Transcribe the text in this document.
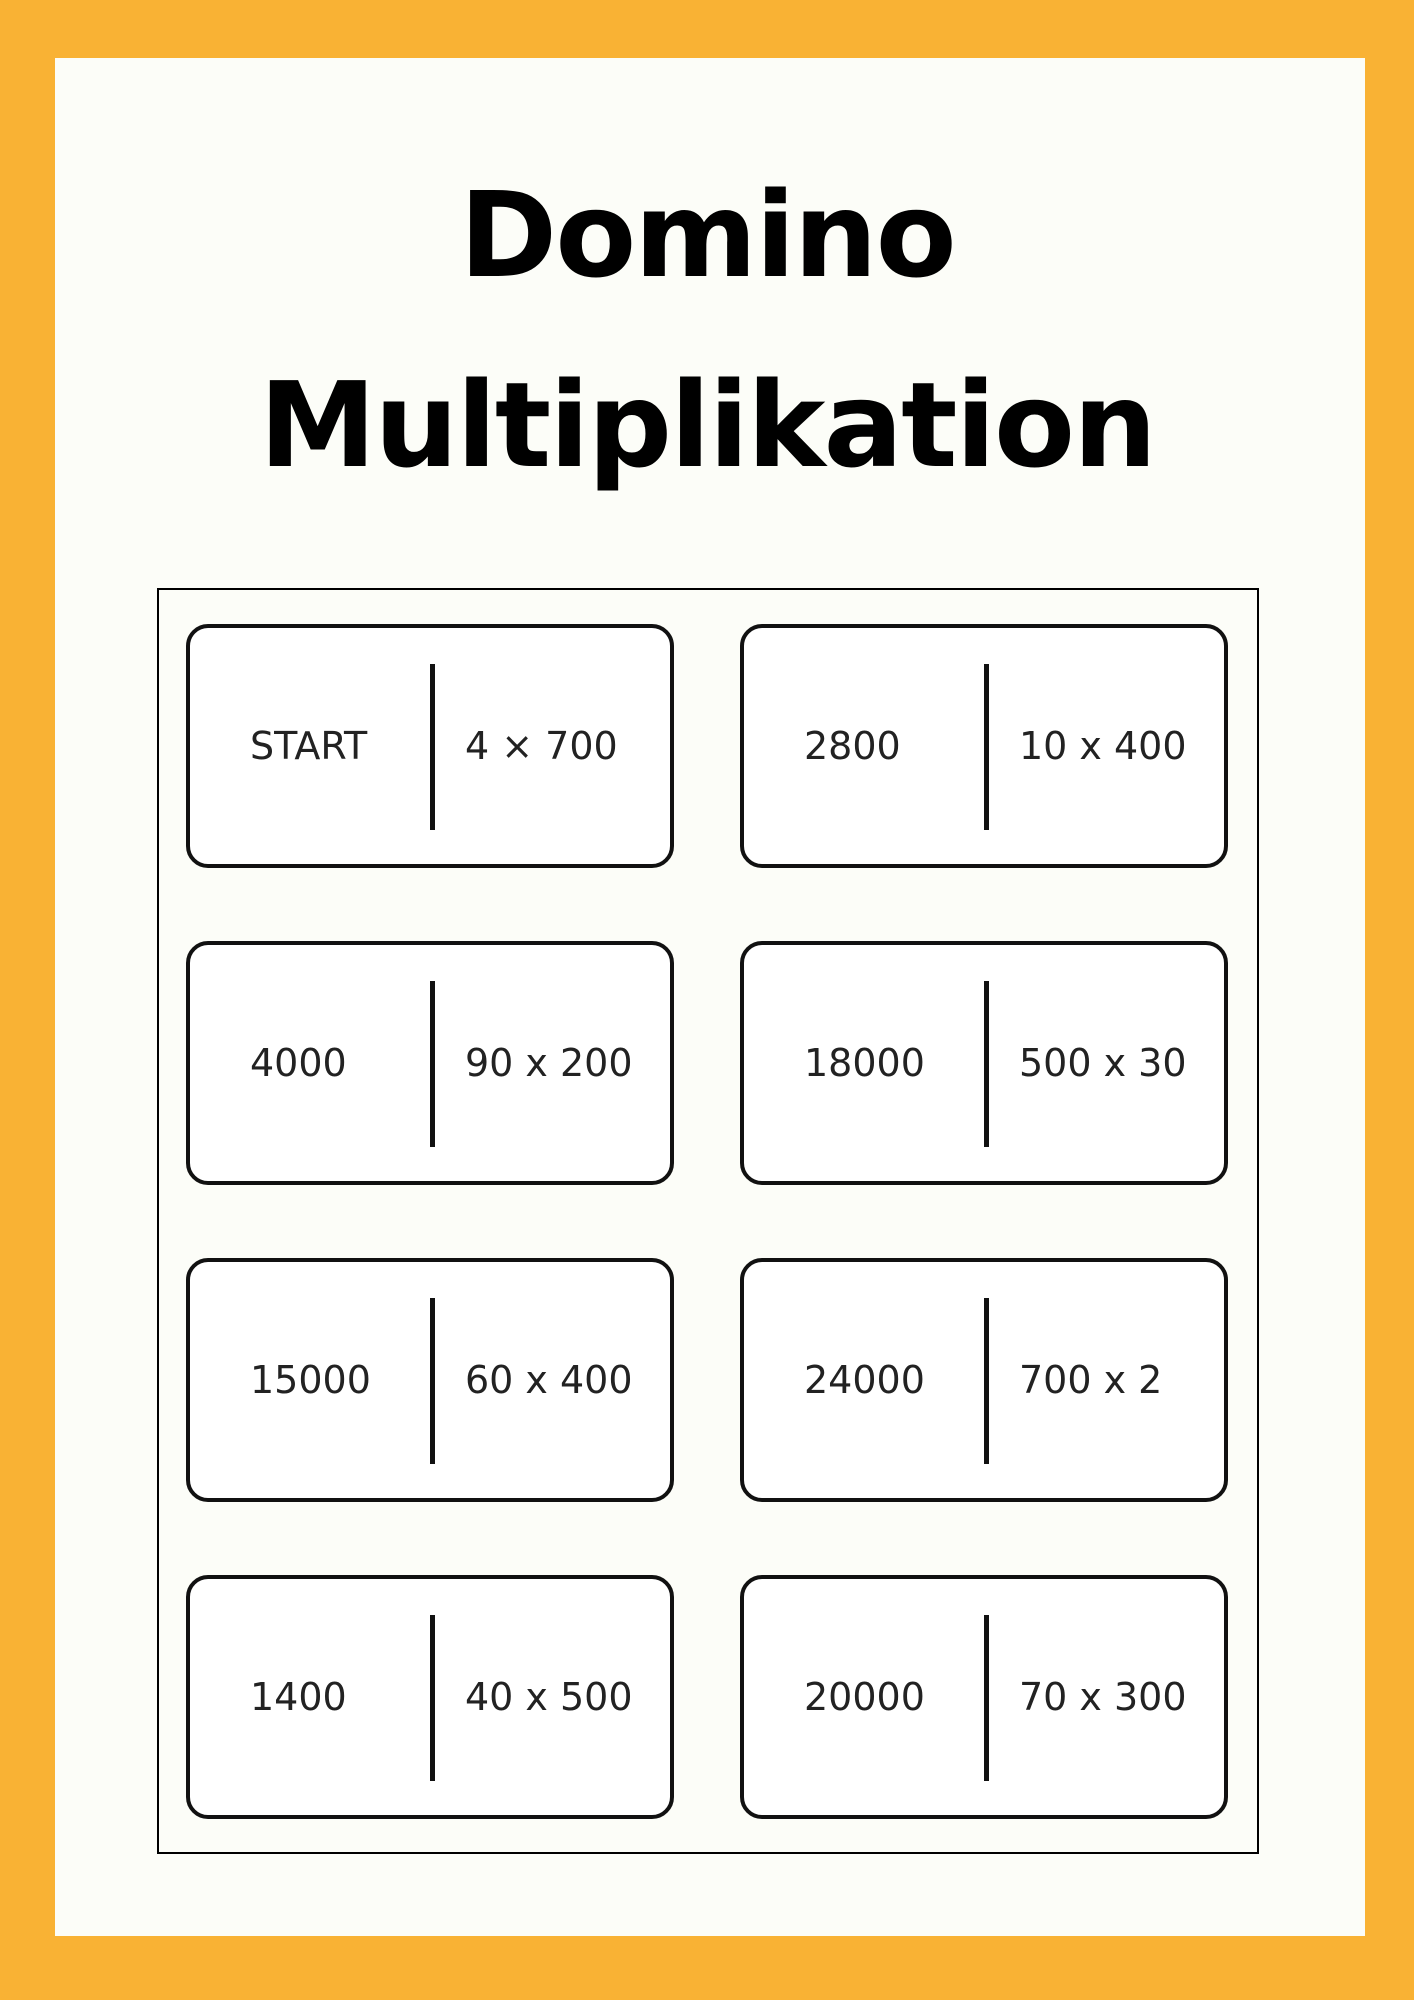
Domino
Multiplikation
START	4 × 700	2800	10 x 400
4000	90 x 200	18000 500 x 30
15000 60 x 400	24000 700 x 2
1400	40 x 500	20000 70 x 300
